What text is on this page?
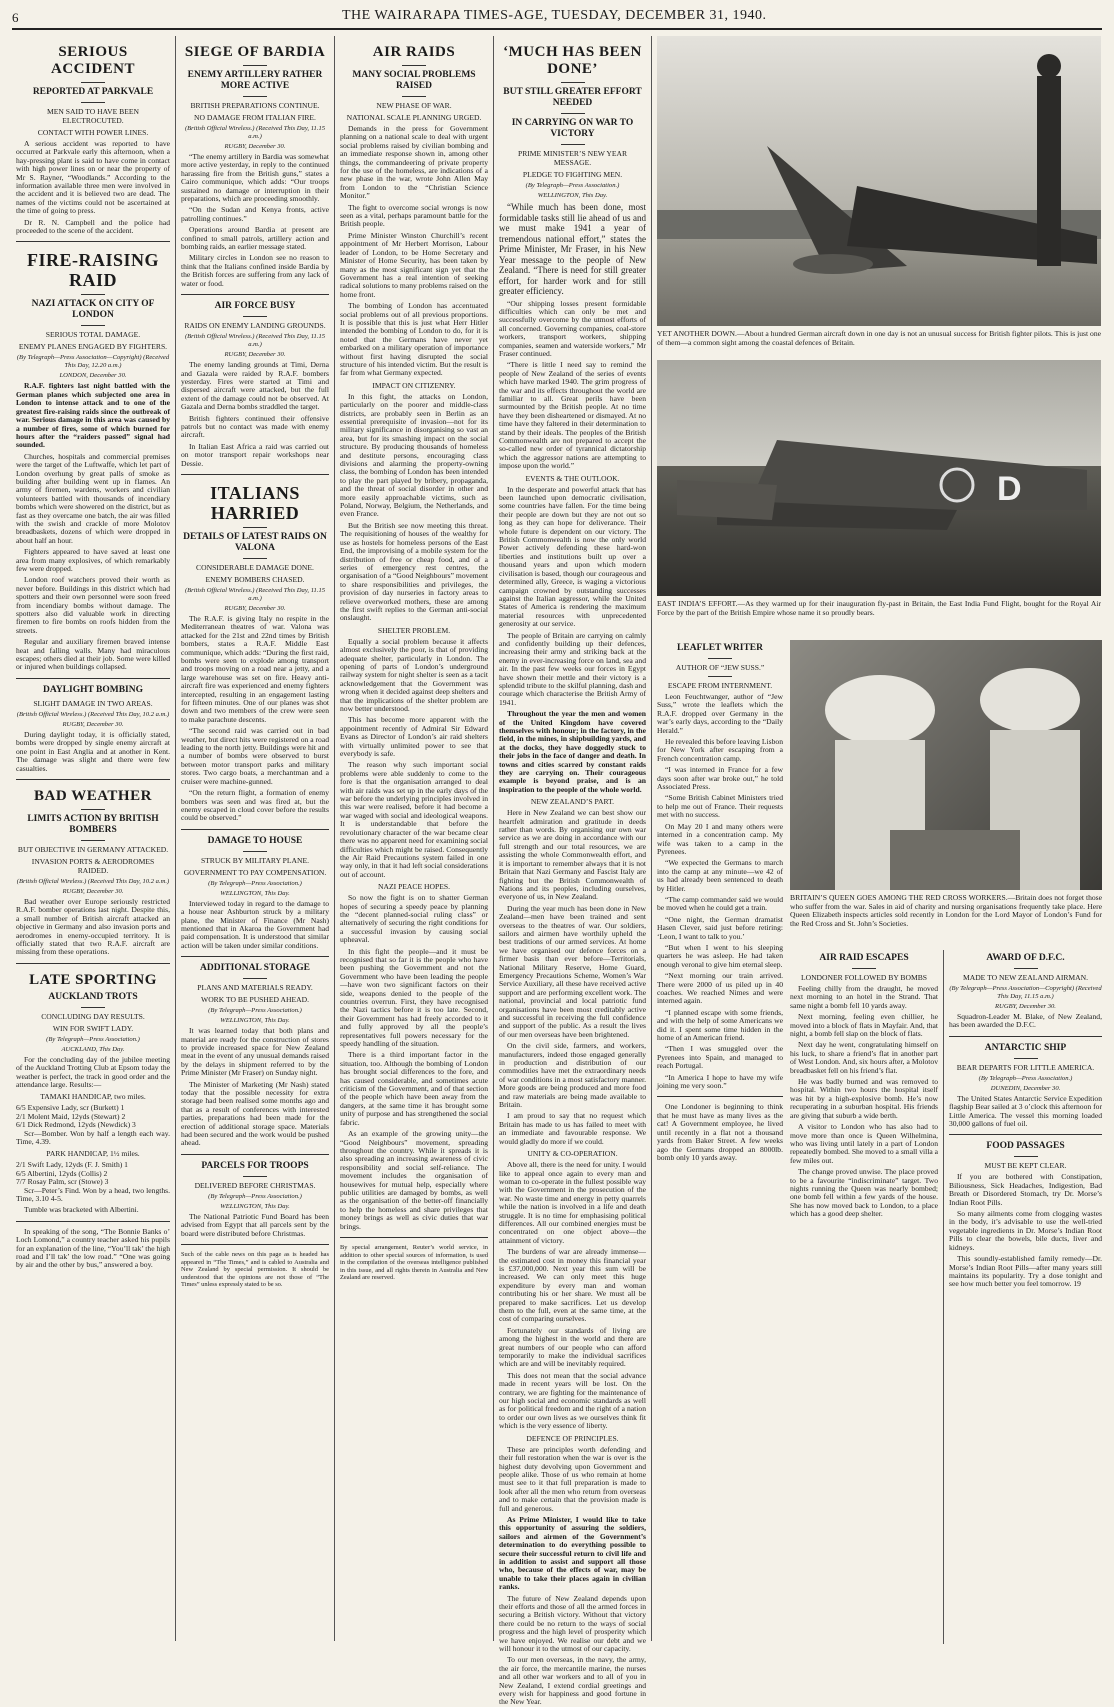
6	THE WAIRARAPA TIMES-AGE, TUESDAY, DECEMBER 31, 1940.
SERIOUS ACCIDENT
REPORTED AT PARKVALE
MEN SAID TO HAVE BEEN ELECTROCUTED.
CONTACT WITH POWER LINES.

A serious accident was reported to have occurred at Parkvale early this afternoon, when a hay-pressing plant is said to have come in contact with high power lines on or near the property of Mr S. Rayner, “Woodlands.” According to the information available three men were involved in the accident and it is believed two are dead. The names of the victims could not be ascertained at the time of going to press.

Dr R. N. Campbell and the police had proceeded to the scene of the accident.

FIRE-RAISING RAID
NAZI ATTACK ON CITY OF LONDON
SERIOUS TOTAL DAMAGE.
ENEMY PLANES ENGAGED BY FIGHTERS.
(By Telegraph—Press Association—Copyright) (Received This Day, 12.20 a.m.)
LONDON, December 30.

R.A.F. fighters last night battled with the German planes which subjected one area in London to intense attack and to one of the greatest fire-raising raids since the outbreak of war. Serious damage in this area was caused by a number of fires, some of which burned for hours after the “raiders passed” signal had sounded.

Churches, hospitals and commercial premises were the target of the Luftwaffe, which let part of London overhung by great palls of smoke as building after building went up in flames. An army of firemen, wardens, workers and civilian volunteers battled with thousands of incendiary bombs which were showered on the district, but as fast as they overcame one batch, the air was filled with the swish and crackle of more Molotov breadbaskets, dozens of which were dropped in about half an hour.

Fighters appeared to have saved at least one area from many explosives, of which remarkably few were dropped.

London roof watchers proved their worth as never before. Buildings in this district which had spotters and their own personnel were soon freed from incendiary bombs without damage. The spotters also did valuable work in directing firemen to fire bombs on roofs hidden from the streets.

Regular and auxiliary firemen braved intense heat and falling walls. Many had miraculous escapes; others died at their job. Some were killed or injured when buildings collapsed.

DAYLIGHT BOMBING
SLIGHT DAMAGE IN TWO AREAS.
(British Official Wireless.) (Received This Day, 10.2 a.m.)
RUGBY, December 30.

During daylight today, it is officially stated, bombs were dropped by single enemy aircraft at one point in East Anglia and at another in Kent. The damage was slight and there were few casualties.

BAD WEATHER
LIMITS ACTION BY BRITISH BOMBERS
BUT OBJECTIVE IN GERMANY ATTACKED.
INVASION PORTS & AERODROMES RAIDED.
(British Official Wireless.) (Received This Day, 10.2 a.m.)
RUGBY, December 30.

Bad weather over Europe seriously restricted R.A.F. bomber operations last night. Despite this, a small number of British aircraft attacked an objective in Germany and also invasion ports and aerodromes in enemy-occupied territory. It is officially stated that two R.A.F. aircraft are missing from these operations.

LATE SPORTING
AUCKLAND TROTS
CONCLUDING DAY RESULTS.
WIN FOR SWIFT LADY.
(By Telegraph—Press Association.)
AUCKLAND, This Day.

For the concluding day of the jubilee meeting of the Auckland Trotting Club at Epsom today the weather is perfect, the track in good order and the attendance large. Results:—

TAMAKI HANDICAP, two miles.
6/5 Expensive Lady, scr (Burkett) 1
2/1 Molent Maid, 12yds (Stewart) 2
6/1 Dick Redmond, 12yds (Newdick) 3

Scr—Bomber. Won by half a length each way. Time, 4.39.

PARK HANDICAP, 1½ miles.
2/1 Swift Lady, 12yds (F. J. Smith) 1
6/5 Albertini, 12yds (Collis) 2
7/7 Rosay Palm, scr (Stowe) 3

Scr—Peter’s Find. Won by a head, two lengths. Time, 3.10 4-5.

Tumble was bracketed with Albertini.

In speaking of the song, “The Bonnie Banks o’ Loch Lomond,” a country teacher asked his pupils for an explanation of the line, “You’ll tak’ the high road and I’ll tak’ the low road.” “One was going by air and the other by bus,” answered a boy.

SIEGE OF BARDIA
ENEMY ARTILLERY RATHER MORE ACTIVE
BRITISH PREPARATIONS CONTINUE.
NO DAMAGE FROM ITALIAN FIRE.
(British Official Wireless.) (Received This Day, 11.15 a.m.)
RUGBY, December 30.

“The enemy artillery in Bardia was somewhat more active yesterday, in reply to the continued harassing fire from the British guns,” states a Cairo communique, which adds: “Our troops sustained no damage or interruption in their preparations, which are proceeding smoothly.

“On the Sudan and Kenya fronts, active patrolling continues.”

Operations around Bardia at present are confined to small patrols, artillery action and bombing raids, an earlier message stated.

Military circles in London see no reason to think that the Italians confined inside Bardia by the British forces are suffering from any lack of water or food.

AIR FORCE BUSY
RAIDS ON ENEMY LANDING GROUNDS.
(British Official Wireless.) (Received This Day, 11.15 a.m.)
RUGBY, December 30.

The enemy landing grounds at Timi, Derna and Gazala were raided by R.A.F. bombers yesterday. Fires were started at Timi and dispersed aircraft were attacked, but the full extent of the damage could not be observed. At Gazala and Derna bombs straddled the target.

British fighters continued their offensive patrols but no contact was made with enemy aircraft.

In Italian East Africa a raid was carried out on motor transport repair workshops near Dessie.

ITALIANS HARRIED
DETAILS OF LATEST RAIDS ON VALONA
CONSIDERABLE DAMAGE DONE.
ENEMY BOMBERS CHASED.
(British Official Wireless.) (Received This Day, 11.15 a.m.)
RUGBY, December 30.

The R.A.F. is giving Italy no respite in the Mediterranean theatres of war. Valona was attacked for the 21st and 22nd times by British bombers, states a R.A.F. Middle East communique, which adds: “During the first raid, bombs were seen to explode among transport and troops moving on a road near a jetty, and a large warehouse was set on fire. Heavy anti-aircraft fire was experienced and enemy fighters intercepted, resulting in an engagement lasting for fifteen minutes. One of our planes was shot down and two members of the crew were seen to make parachute descents.

“The second raid was carried out in bad weather, but direct hits were registered on a road leading to the north jetty. Buildings were hit and a number of bombs were observed to burst between motor transport parks and military stores. Two cargo boats, a merchantman and a cruiser were machine-gunned.

“On the return flight, a formation of enemy bombers was seen and was fired at, but the enemy escaped in cloud cover before the results could be observed.”

DAMAGE TO HOUSE
STRUCK BY MILITARY PLANE.
GOVERNMENT TO PAY COMPENSATION.
(By Telegraph—Press Association.)
WELLINGTON, This Day.

Interviewed today in regard to the damage to a house near Ashburton struck by a military plane, the Minister of Finance (Mr Nash) mentioned that in Akaroa the Government had paid compensation. It is understood that similar action will be taken under similar conditions.

ADDITIONAL STORAGE
PLANS AND MATERIALS READY.
WORK TO BE PUSHED AHEAD.
(By Telegraph—Press Association.)
WELLINGTON, This Day.

It was learned today that both plans and material are ready for the construction of stores to provide increased space for New Zealand meat in the event of any unusual demands raised by the delays in shipment referred to by the Prime Minister (Mr Fraser) on Sunday night.

The Minister of Marketing (Mr Nash) stated today that the possible necessity for extra storage had been realised some months ago and that as a result of conferences with interested parties, preparations had been made for the erection of additional storage space. Materials had been secured and the work would be pushed ahead.

PARCELS FOR TROOPS
DELIVERED BEFORE CHRISTMAS.
(By Telegraph—Press Association.)
WELLINGTON, This Day.

The National Patriotic Fund Board has been advised from Egypt that all parcels sent by the board were distributed before Christmas.

Such of the cable news on this page as is headed has appeared in “The Times,” and is cabled to Australia and New Zealand by special permission. It should be understood that the opinions are not those of “The Times” unless expressly stated to be so.
AIR RAIDS
MANY SOCIAL PROBLEMS RAISED
NEW PHASE OF WAR.
NATIONAL SCALE PLANNING URGED.

Demands in the press for Government planning on a national scale to deal with urgent social problems raised by civilian bombing and an immediate response shown in, among other things, the commandeering of private property for the use of the homeless, are indications of a new phase in the war, wrote John Allen May from London to the “Christian Science Monitor.”

The fight to overcome social wrongs is now seen as a vital, perhaps paramount battle for the British people.

Prime Minister Winston Churchill’s recent appointment of Mr Herbert Morrison, Labour leader of London, to be Home Secretary and Minister of Home Security, has been taken by many as the most significant sign yet that the Government has a real intention of seeking radical solutions to many problems raised on the home front.

The bombing of London has accentuated social problems out of all previous proportions. It is possible that this is just what Herr Hitler intended the bombing of London to do, for it is noted that the Germans have never yet embarked on a military operation of importance without first having disrupted the social structure of his intended victim. But the result is far from what Germany expected.

IMPACT ON CITIZENRY.

In this fight, the attacks on London, particularly on the poorer and middle-class districts, are probably seen in Berlin as an essential prerequisite of invasion—not for its military significance in disorganising so vast an area, but for its smashing impact on the social structure. By producing thousands of homeless and destitute persons, encouraging class divisions and alarming the property-owning class, the bombing of London has been intended to play the part played by bribery, propaganda, and the threat of social disorder in other and more easily approachable victims, such as Poland, Norway, Belgium, the Netherlands, and even France.

But the British see now meeting this threat. The requisitioning of houses of the wealthy for use as hostels for homeless persons of the East End, the improvising of a mobile system for the distribution of free or cheap food, and of a series of emergency rest centres, the organisation of a “Good Neighbours” movement to share responsibilities and privileges, the provision of day nurseries in factory areas to relieve overworked mothers, these are among the first swift replies to the German anti-social onslaught.

SHELTER PROBLEM.

Equally a social problem because it affects almost exclusively the poor, is that of providing adequate shelter, particularly in London. The opening of parts of London’s underground railway system for night shelter is seen as a tacit acknowledgement that the Government was wrong when it decided against deep shelters and that the implications of the shelter problem are now better understood.

This has become more apparent with the appointment recently of Admiral Sir Edward Evans as Director of London’s air raid shelters with virtually unlimited power to see that everybody is safe.

The reason why such important social problems were able suddenly to come to the fore is that the organisation arranged to deal with air raids was set up in the early days of the war before the underlying principles involved in this war were realised, before it had become a war waged with social and ideological weapons. It is understandable that before the revolutionary character of the war became clear there was no apparent need for examining social difficulties which might be raised. Consequently the Air Raid Precautions system failed in one way only, in that it had left social considerations out of account.

NAZI PEACE HOPES.

So now the fight is on to shatter German hopes of securing a speedy peace by planning the “decent planned-social ruling class” or alternatively of securing the right conditions for a successful invasion by causing social upheaval.

In this fight the people—and it must be recognised that so far it is the people who have been pushing the Government and not the Government who have been leading the people—have won two significant factors on their side, weapons denied to the people of the countries overrun. First, they have recognised the Nazi tactics before it is too late. Second, their Government has had freely accorded to it and fully approved by all the people’s representatives full powers necessary for the speedy handling of the situation.

There is a third important factor in the situation, too. Although the bombing of London has brought social differences to the fore, and has caused considerable, and sometimes acute criticism of the Government, and of that section of the people which have been away from the dangers, at the same time it has brought some unity of purpose and has strengthened the social fabric.

As an example of the growing unity—the “Good Neighbours” movement, spreading throughout the country. While it spreads it is also spreading an increasing awareness of civic responsibility and social self-reliance. The movement includes the organisation of housewives for mutual help, especially where public utilities are damaged by bombs, as well as the organisation of the better-off financially to help the homeless and share privileges that money brings as well as civic duties that war brings.

By special arrangement, Reuter’s world service, in addition to other special sources of information, is used in the compilation of the overseas intelligence published in this issue, and all rights therein in Australia and New Zealand are reserved.
‘MUCH HAS BEEN DONE’
BUT STILL GREATER EFFORT NEEDED
IN CARRYING ON WAR TO VICTORY
PRIME MINISTER’S NEW YEAR MESSAGE.
PLEDGE TO FIGHTING MEN.
(By Telegraph—Press Association.)
WELLINGTON, This Day.

“While much has been done, most formidable tasks still lie ahead of us and we must make 1941 a year of tremendous national effort,” states the Prime Minister, Mr Fraser, in his New Year message to the people of New Zealand. “There is need for still greater effort, for harder work and for still greater efficiency.

“Our shipping losses present formidable difficulties which can only be met and successfully overcome by the utmost efforts of all concerned. Governing companies, coal-store workers, transport workers, shipping companies, seamen and waterside workers,” Mr Fraser continued.

“There is little I need say to remind the people of New Zealand of the series of events which have marked 1940. The grim progress of the war and its effects throughout the world are familiar to all. Great perils have been surmounted by the British people. At no time have they been disheartened or dismayed. At no time have they faltered in their determination to stand by their ideals. The peoples of the British Commonwealth are not prepared to accept the so-called new order of tyrannical dictatorship which the aggressor nations are attempting to impose upon the world.”

EVENTS & THE OUTLOOK.

In the desperate and powerful attack that has been launched upon democratic civilisation, some countries have fallen. For the time being their people are down but they are not out so long as they can hope for deliverance. Their whole future is dependent on our victory. The British Commonwealth is now the only world Power actively defending these hard-won liberties and institutions built up over a thousand years and upon which modern civilisation is based, though our courageous and determined ally, Greece, is waging a victorious campaign crowned by outstanding successes against the Italian aggressor, while the United States of America is rendering the maximum material resources with unprecedented generosity at our service.

The people of Britain are carrying on calmly and confidently building up their defences, increasing their army and striking back at the enemy in ever-increasing force on land, sea and air. In the past few weeks our forces in Egypt have shown their mettle and their victory is a splendid tribute to the skilful planning, dash and courage which characterise the British Army of 1941.

Throughout the year the men and women of the United Kingdom have covered themselves with honour; in the factory, in the field, in the mines, in shipbuilding yards, and at the docks, they have doggedly stuck to their jobs in the face of danger and death. In towns and cities scarred by constant raids they are carrying on. Their courageous example is beyond praise, and is an inspiration to the people of the whole world.

NEW ZEALAND’S PART.

Here in New Zealand we can best show our heartfelt admiration and gratitude in deeds rather than words. By organising our own war service as we are doing in accordance with our full strength and our total resources, we are assisting the whole Commonwealth effort, and it is important to remember always that it is not Britain that Nazi Germany and Fascist Italy are fighting but the British Commonwealth of Nations and its peoples, including ourselves, everyone of us, in New Zealand.

During the year much has been done in New Zealand—men have been trained and sent overseas to the theatres of war. Our soldiers, sailors and airmen have worthily upheld the best traditions of our armed services. At home we have organised our defence forces on a firmer basis than ever before—Territorials, National Military Reserve, Home Guard, Emergency Precautions Scheme, Women’s War Service Auxiliary, all these have received active support and are performing excellent work. The national, provincial and local patriotic fund organisations have been most creditably active and successful in receiving the full confidence and support of the public. As a result the lives of our men overseas have been brightened.

On the civil side, farmers, and workers, manufacturers, indeed those engaged generally in production and distribution of our commodities have met the extraordinary needs of war conditions in a most satisfactory manner. More goods are being produced and more food and raw materials are being made available to Britain.

I am proud to say that no request which Britain has made to us has failed to meet with an immediate and favourable response. We would gladly do more if we could.

UNITY & CO-OPERATION.

Above all, there is the need for unity. I would like to appeal once again to every man and woman to co-operate in the fullest possible way with the Government in the prosecution of the war. No waste time and energy in petty quarrels while the nation is involved in a life and death struggle. It is no time for emphasising political differences. All our combined energies must be concentrated on one object above—the attainment of victory.

The burdens of war are already immense—the estimated cost in money this financial year is £37,000,000. Next year this sum will be increased. We can only meet this huge expenditure by every man and woman contributing his or her share. We must all be prepared to make sacrifices. Let us develop them to the full, even at the same time, at the cost of comparing ourselves.

Fortunately our standards of living are among the highest in the world and there are great numbers of our people who can afford temporarily to make the individual sacrifices which are and will be inevitably required.

This does not mean that the social advance made in recent years will be lost. On the contrary, we are fighting for the maintenance of our high social and economic standards as well as for political freedom and the right of a nation to order our own lives as we ourselves think fit which is the very essence of liberty.

DEFENCE OF PRINCIPLES.

These are principles worth defending and their full restoration when the war is over is the highest duty devolving upon Government and people alike. Those of us who remain at home must see to it that full preparation is made to look after all the men who return from overseas and to make certain that the provision made is full and generous.

As Prime Minister, I would like to take this opportunity of assuring the soldiers, sailors and airmen of the Government’s determination to do everything possible to secure their successful return to civil life and in addition to assist and support all those who, because of the effects of war, may be unable to take their places again in civilian ranks.

The future of New Zealand depends upon their efforts and those of all the armed forces in securing a British victory. Without that victory there could be no return to the ways of social progress and the high level of prosperity which we have enjoyed. We realise our debt and we will honour it to the utmost of our capacity.

To our men overseas, in the navy, the army, the air force, the mercantile marine, the nurses and all other war workers and to all of you in New Zealand, I extend cordial greetings and every wish for happiness and good fortune in the New Year.

YET ANOTHER DOWN.—About a hundred German aircraft down in one day is not an unusual success for British fighter pilots. This is just one of them—a common sight among the coastal defences of Britain.
D
EAST INDIA’S EFFORT.—As they warmed up for their inauguration fly-past in Britain, the East India Fund Flight, bought for the Royal Air Force by the part of the British Empire whose name it so proudly bears.
LEAFLET WRITER
AUTHOR OF “JEW SUSS.”
ESCAPE FROM INTERNMENT.

Leon Feuchtwanger, author of “Jew Suss,” wrote the leaflets which the R.A.F. dropped over Germany in the war’s early days, according to the “Daily Herald.”

He revealed this before leaving Lisbon for New York after escaping from a French concentration camp.

“I was interned in France for a few days soon after war broke out,” he told Associated Press.

“Some British Cabinet Ministers tried to help me out of France. Their requests met with no success.

On May 20 I and many others were interned in a concentration camp. My wife was taken to a camp in the Pyrenees.

“We expected the Germans to march into the camp at any minute—we 42 of us had already been sentenced to death by Hitler.

“The camp commander said we would be moved when he could get a train.

“One night, the German dramatist Hasen Clever, said just before retiring: ‘Leon, I want to talk to you.’

“But when I went to his sleeping quarters he was asleep. He had taken enough veronal to give him eternal sleep.

“Next morning our train arrived. There were 2000 of us piled up in 40 coaches. We reached Nimes and were interned again.

“I planned escape with some friends, and with the help of some Americans we did it. I spent some time hidden in the home of an American friend.

“Then I was smuggled over the Pyrenees into Spain, and managed to reach Portugal.

“In America I hope to have my wife joining me very soon.”

One Londoner is beginning to think that he must have as many lives as the cat! A Government employee, he lived until recently in a flat not a thousand yards from Baker Street. A few weeks ago the Germans dropped an 8000lb. bomb only 10 yards away.

BRITAIN’S QUEEN GOES AMONG THE RED CROSS WORKERS.—Britain does not forget those who suffer from the war. Sales in aid of charity and nursing organisations frequently take place. Here Queen Elizabeth inspects articles sold recently in London for the Lord Mayor of London’s Fund for the Red Cross and St. John’s Societies.
AIR RAID ESCAPES
LONDONER FOLLOWED BY BOMBS

Feeling chilly from the draught, he moved next morning to an hotel in the Strand. That same night a bomb fell 10 yards away.

Next morning, feeling even chillier, he moved into a block of flats in Mayfair. And, that night, a bomb fell slap on the block of flats.

Next day he went, congratulating himself on his luck, to share a friend’s flat in another part of West London. And, six hours after, a Molotov breadbasket fell on his friend’s flat.

He was badly burned and was removed to hospital. Within two hours the hospital itself was hit by a high-explosive bomb. He’s now recuperating in a suburban hospital. His friends are giving that suburb a wide berth.

A visitor to London who has also had to move more than once is Queen Wilhelmina, who was living until lately in a part of London repeatedly bombed. She moved to a small villa a few miles out.

The change proved unwise. The place proved to be a favourite “indiscriminate” target. Two nights running the Queen was nearly bombed; one bomb fell within a few yards of the house. She has now moved back to London, to a place which has a good deep shelter.

AWARD OF D.F.C.
MADE TO NEW ZEALAND AIRMAN.
(By Telegraph—Press Association—Copyright) (Received This Day, 11.15 a.m.)
RUGBY, December 30.

Squadron-Leader M. Blake, of New Zealand, has been awarded the D.F.C.

ANTARCTIC SHIP
BEAR DEPARTS FOR LITTLE AMERICA.
(By Telegraph—Press Association.)
DUNEDIN, December 30.

The United States Antarctic Service Expedition flagship Bear sailed at 3 o’clock this afternoon for Little America. The vessel this morning loaded 30,000 gallons of fuel oil.

FOOD PASSAGES
MUST BE KEPT CLEAR.

If you are bothered with Constipation, Biliousness, Sick Headaches, Indigestion, Bad Breath or Disordered Stomach, try Dr. Morse’s Indian Root Pills.

So many ailments come from clogging wastes in the body, it’s advisable to use the well-tried vegetable ingredients in Dr. Morse’s Indian Root Pills to clear the bowels, bile ducts, liver and kidneys.

This soundly-established family remedy—Dr. Morse’s Indian Root Pills—after many years still maintains its popularity. Try a dose tonight and see how much better you feel tomorrow. 19
